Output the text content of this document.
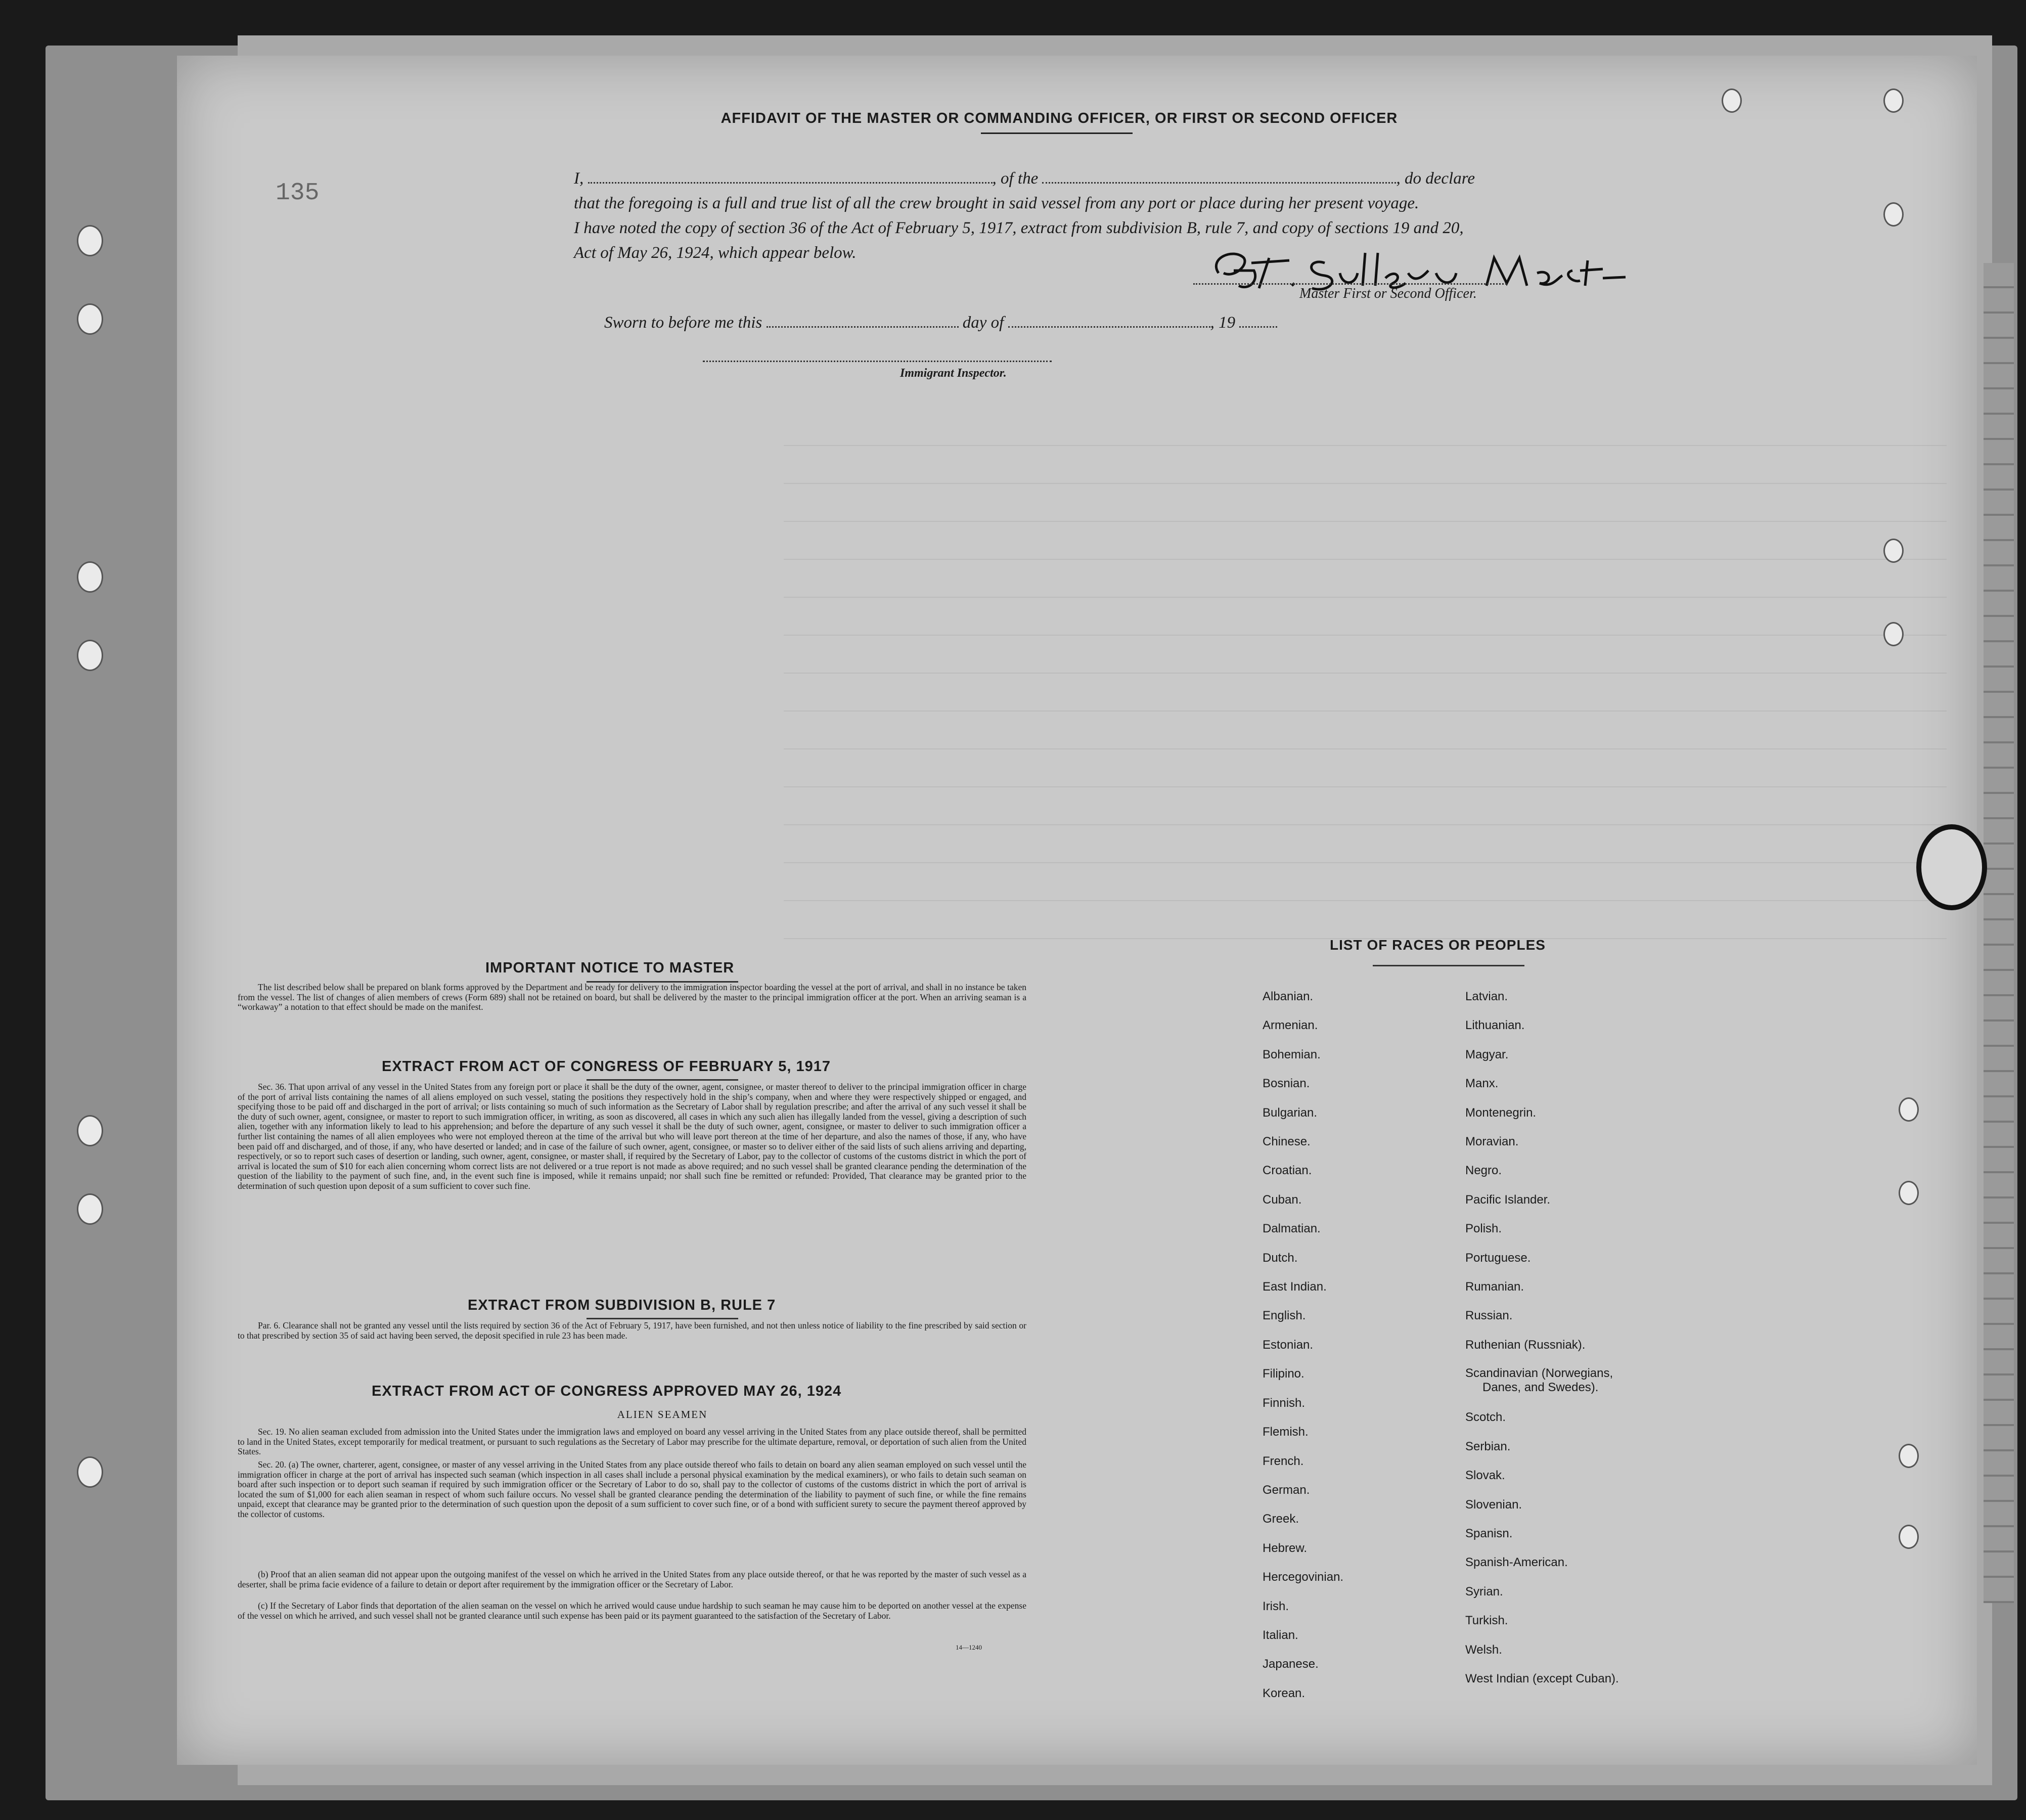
135
AFFIDAVIT OF THE MASTER OR COMMANDING OFFICER, OR FIRST OR SECOND OFFICER
I,	, of the	, do declare
that the foregoing is a full and true list of all the crew brought in said vessel from any port or place during her present voyage.
I have noted the copy of section 36 of the Act of February 5, 1917, extract from subdivision B, rule 7, and copy of sections 19 and 20,
Act of May 26, 1924, which appear below.
Master First or Second Officer.
Sworn to before me this	day of	, 19
Immigrant Inspector.
IMPORTANT NOTICE TO MASTER
The list described below shall be prepared on blank forms approved by the Department and be ready for delivery to the immigration inspector boarding the vessel at the port of arrival, and shall in no instance be taken from the vessel. The list of changes of alien members of crews (Form 689) shall not be retained on board, but shall be delivered by the master to the principal immigration officer at the port. When an arriving seaman is a “workaway” a notation to that effect should be made on the manifest.
EXTRACT FROM ACT OF CONGRESS OF FEBRUARY 5, 1917
Sec. 36. That upon arrival of any vessel in the United States from any foreign port or place it shall be the duty of the owner, agent, consignee, or master thereof to deliver to the principal immigration officer in charge of the port of arrival lists containing the names of all aliens employed on such vessel, stating the positions they respectively hold in the ship’s company, when and where they were respectively shipped or engaged, and specifying those to be paid off and discharged in the port of arrival; or lists containing so much of such information as the Secretary of Labor shall by regulation prescribe; and after the arrival of any such vessel it shall be the duty of such owner, agent, consignee, or master to report to such immigration officer, in writing, as soon as discovered, all cases in which any such alien has illegally landed from the vessel, giving a description of such alien, together with any information likely to lead to his apprehension; and before the departure of any such vessel it shall be the duty of such owner, agent, consignee, or master to deliver to such immigration officer a further list containing the names of all alien employees who were not employed thereon at the time of the arrival but who will leave port thereon at the time of her departure, and also the names of those, if any, who have been paid off and discharged, and of those, if any, who have deserted or landed; and in case of the failure of such owner, agent, consignee, or master so to deliver either of the said lists of such aliens arriving and departing, respectively, or so to report such cases of desertion or landing, such owner, agent, consignee, or master shall, if required by the Secretary of Labor, pay to the collector of customs of the customs district in which the port of arrival is located the sum of $10 for each alien concerning whom correct lists are not delivered or a true report is not made as above required; and no such vessel shall be granted clearance pending the determination of the question of the liability to the payment of such fine, and, in the event such fine is imposed, while it remains unpaid; nor shall such fine be remitted or refunded: Provided, That clearance may be granted prior to the determination of such question upon deposit of a sum sufficient to cover such fine.
EXTRACT FROM SUBDIVISION B, RULE 7
Par. 6. Clearance shall not be granted any vessel until the lists required by section 36 of the Act of February 5, 1917, have been furnished, and not then unless notice of liability to the fine prescribed by said section or to that prescribed by section 35 of said act having been served, the deposit specified in rule 23 has been made.
EXTRACT FROM ACT OF CONGRESS APPROVED MAY 26, 1924
ALIEN SEAMEN
Sec. 19. No alien seaman excluded from admission into the United States under the immigration laws and employed on board any vessel arriving in the United States from any place outside thereof, shall be permitted to land in the United States, except temporarily for medical treatment, or pursuant to such regulations as the Secretary of Labor may prescribe for the ultimate departure, removal, or deportation of such alien from the United States.
Sec. 20. (a) The owner, charterer, agent, consignee, or master of any vessel arriving in the United States from any place outside thereof who fails to detain on board any alien seaman employed on such vessel until the immigration officer in charge at the port of arrival has inspected such seaman (which inspection in all cases shall include a personal physical examination by the medical examiners), or who fails to detain such seaman on board after such inspection or to deport such seaman if required by such immigration officer or the Secretary of Labor to do so, shall pay to the collector of customs of the customs district in which the port of arrival is located the sum of $1,000 for each alien seaman in respect of whom such failure occurs. No vessel shall be granted clearance pending the determination of the liability to payment of such fine, or while the fine remains unpaid, except that clearance may be granted prior to the determination of such question upon the deposit of a sum sufficient to cover such fine, or of a bond with sufficient surety to secure the payment thereof approved by the collector of customs.
(b) Proof that an alien seaman did not appear upon the outgoing manifest of the vessel on which he arrived in the United States from any place outside thereof, or that he was reported by the master of such vessel as a deserter, shall be prima facie evidence of a failure to detain or deport after requirement by the immigration officer or the Secretary of Labor.
(c) If the Secretary of Labor finds that deportation of the alien seaman on the vessel on which he arrived would cause undue hardship to such seaman he may cause him to be deported on another vessel at the expense of the vessel on which he arrived, and such vessel shall not be granted clearance until such expense has been paid or its payment guaranteed to the satisfaction of the Secretary of Labor.
14—1240
LIST OF RACES OR PEOPLES
Albanian.
Armenian.
Bohemian.
Bosnian.
Bulgarian.
Chinese.
Croatian.
Cuban.
Dalmatian.
Dutch.
East Indian.
English.
Estonian.
Filipino.
Finnish.
Flemish.
French.
German.
Greek.
Hebrew.
Hercegovinian.
Irish.
Italian.
Japanese.
Korean.
Latvian.
Lithuanian.
Magyar.
Manx.
Montenegrin.
Moravian.
Negro.
Pacific Islander.
Polish.
Portuguese.
Rumanian.
Russian.
Ruthenian (Russniak).
Scandinavian (Norwegians,
Danes, and Swedes).
Scotch.
Serbian.
Slovak.
Slovenian.
Spanisn.
Spanish-American.
Syrian.
Turkish.
Welsh.
West Indian (except Cuban).
